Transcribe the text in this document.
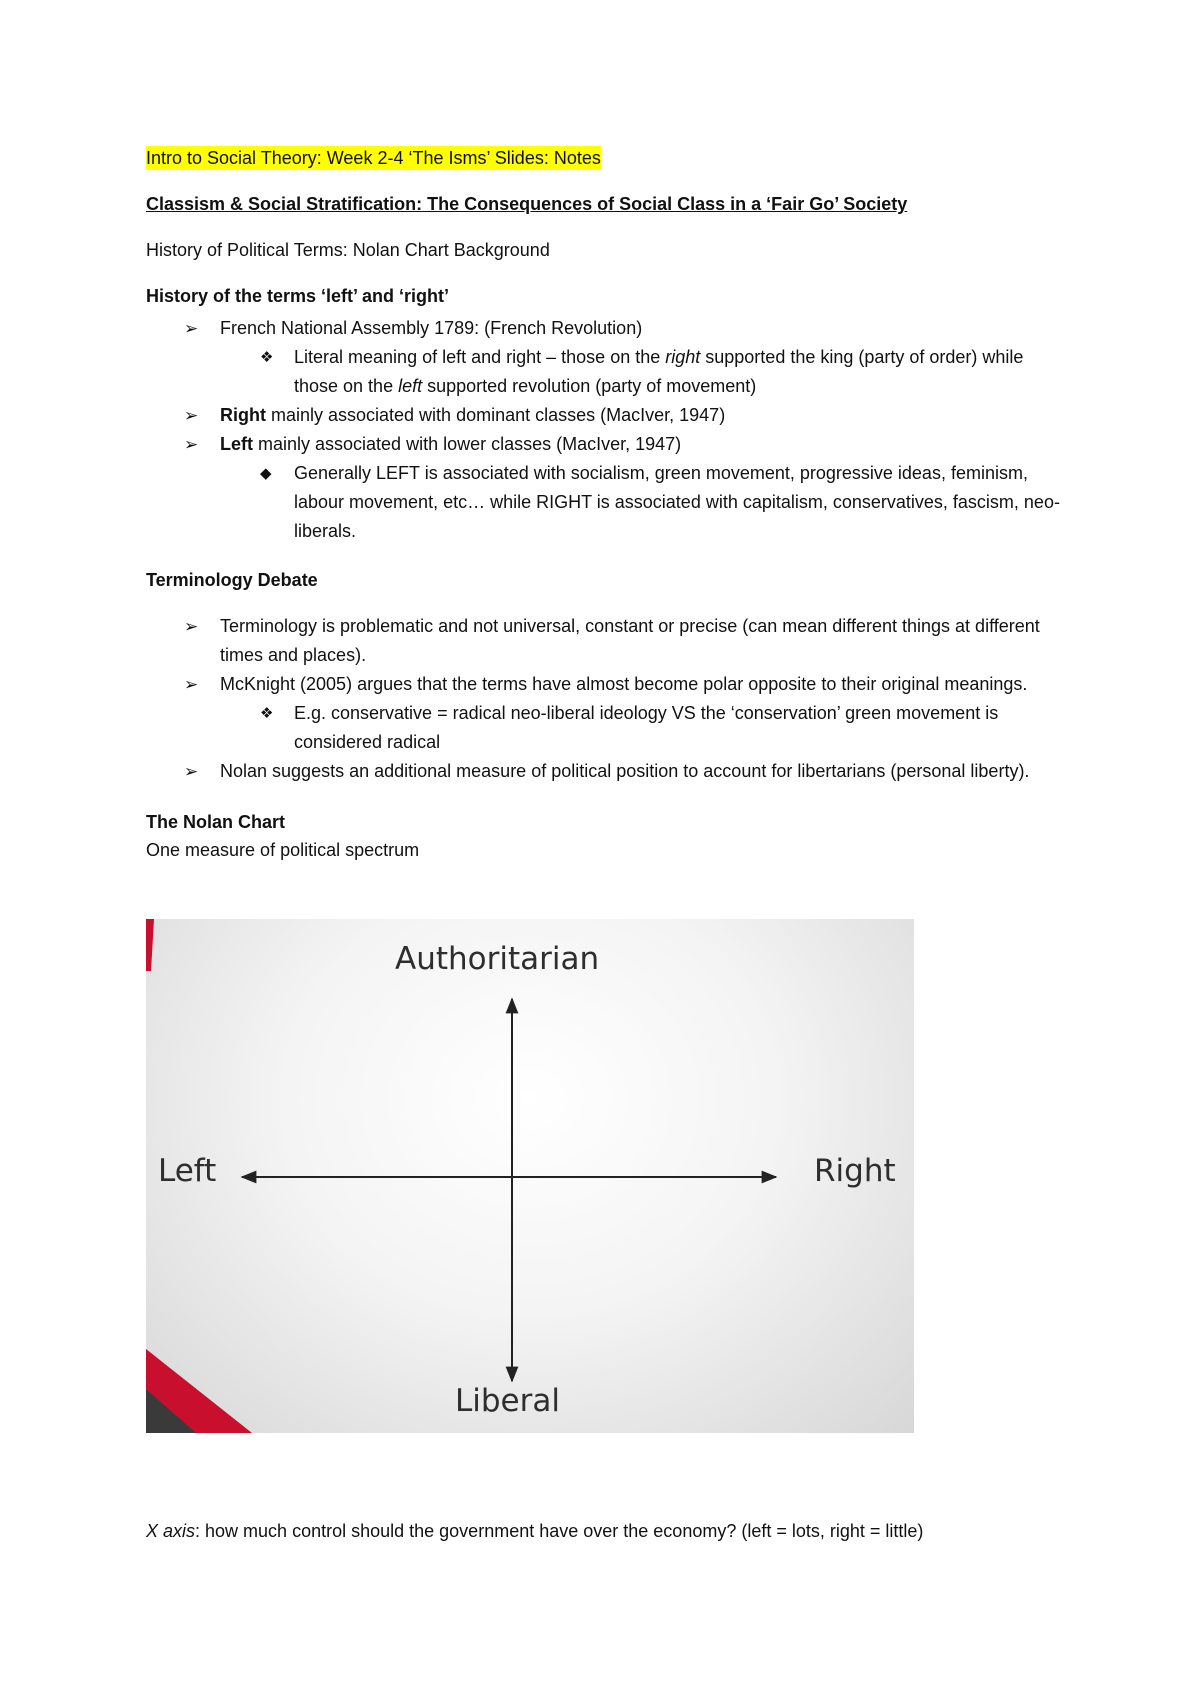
Intro to Social Theory: Week 2-4 ‘The Isms’ Slides: Notes

Classism & Social Stratification: The Consequences of Social Class in a ‘Fair Go’ Society

History of Political Terms: Nolan Chart Background

History of the terms ‘left’ and ‘right’

➢ French National Assembly 1789: (French Revolution)
❖ Literal meaning of left and right – those on the right supported the king (party of order) while those on the left supported revolution (party of movement)
➢ Right mainly associated with dominant classes (MacIver, 1947)
➢ Left mainly associated with lower classes (MacIver, 1947)
◆ Generally LEFT is associated with socialism, green movement, progressive ideas, feminism, labour movement, etc… while RIGHT is associated with capitalism, conservatives, fascism, neo-liberals.

Terminology Debate

➢ Terminology is problematic and not universal, constant or precise (can mean different things at different times and places).
➢ McKnight (2005) argues that the terms have almost become polar opposite to their original meanings.
❖ E.g. conservative = radical neo-liberal ideology VS the ‘conservation’ green movement is considered radical
➢ Nolan suggests an additional measure of political position to account for libertarians (personal liberty).

The Nolan Chart

One measure of political spectrum

Authoritarian
Left	Right
Liberal

X axis: how much control should the government have over the economy? (left = lots, right = little)
